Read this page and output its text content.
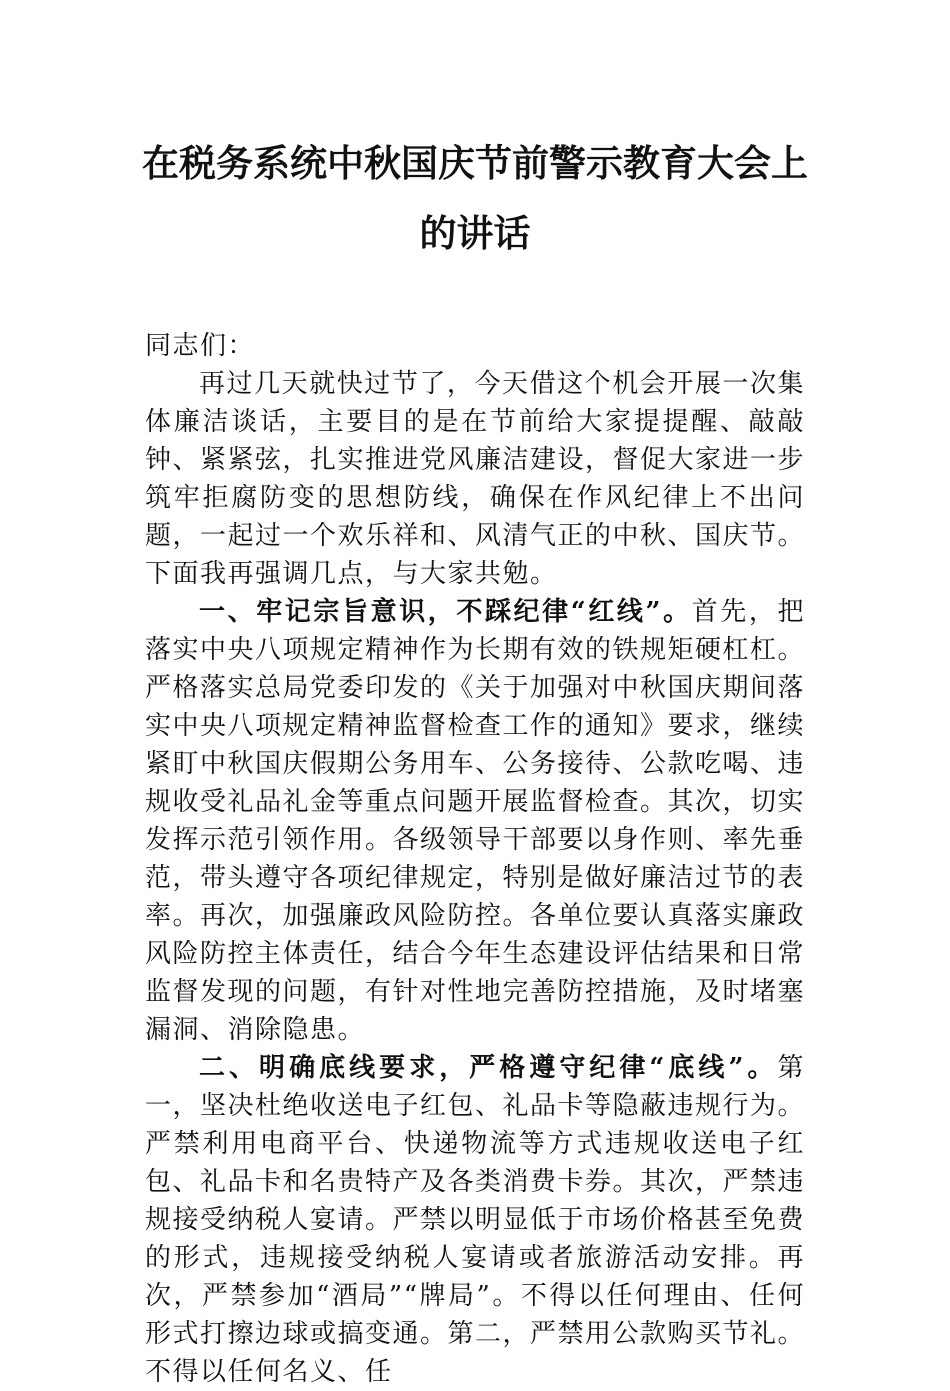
在税务系统中秋国庆节前警示教育大会上
的讲话

同志们：

再过几天就快过节了，今天借这个机会开展一次集体廉洁谈话，主要目的是在节前给大家提提醒、敲敲钟、紧紧弦，扎实推进党风廉洁建设，督促大家进一步筑牢拒腐防变的思想防线，确保在作风纪律上不出问题，一起过一个欢乐祥和、风清气正的中秋、国庆节。下面我再强调几点，与大家共勉。

一、牢记宗旨意识，不踩纪律“红线”。首先，把落实中央八项规定精神作为长期有效的铁规矩硬杠杠。严格落实总局党委印发的《关于加强对中秋国庆期间落实中央八项规定精神监督检查工作的通知》要求，继续紧盯中秋国庆假期公务用车、公务接待、公款吃喝、违规收受礼品礼金等重点问题开展监督检查。其次，切实发挥示范引领作用。各级领导干部要以身作则、率先垂范，带头遵守各项纪律规定，特别是做好廉洁过节的表率。再次，加强廉政风险防控。各单位要认真落实廉政风险防控主体责任，结合今年生态建设评估结果和日常监督发现的问题，有针对性地完善防控措施，及时堵塞漏洞、消除隐患。

二、明确底线要求，严格遵守纪律“底线”。第一，坚决杜绝收送电子红包、礼品卡等隐蔽违规行为。严禁利用电商平台、快递物流等方式违规收送电子红包、礼品卡和名贵特产及各类消费卡券。其次，严禁违规接受纳税人宴请。严禁以明显低于市场价格甚至免费的形式，违规接受纳税人宴请或者旅游活动安排。再次，严禁参加“酒局”“牌局”。不得以任何理由、任何形式打擦边球或搞变通。第二，严禁用公款购买节礼。不得以任何名义、任
